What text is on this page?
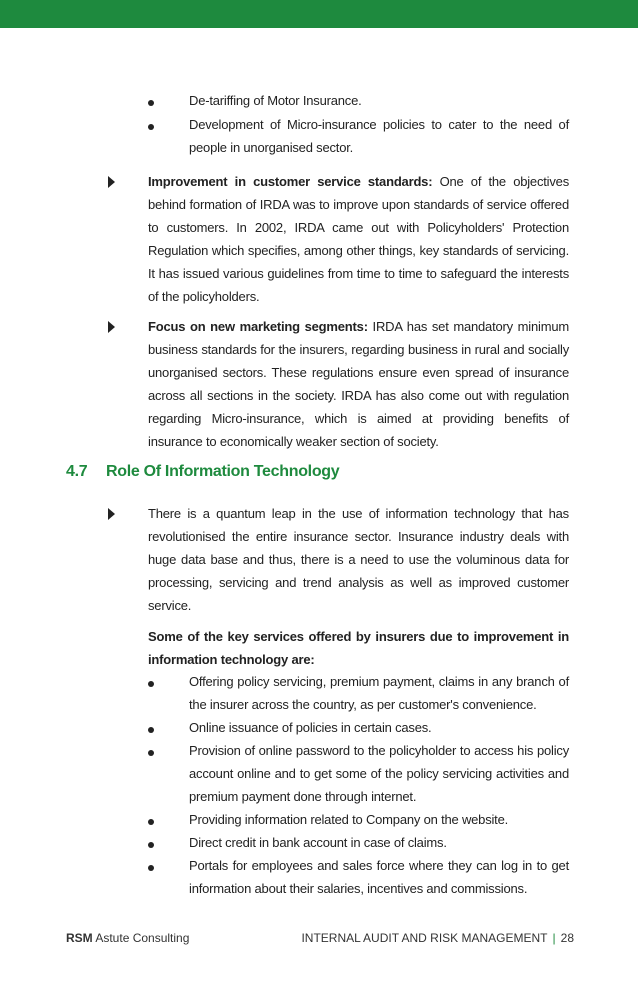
De-tariffing of Motor Insurance.

Development of Micro-insurance policies to cater to the need of people in unorganised sector.

Improvement in customer service standards: One of the objectives behind formation of IRDA was to improve upon standards of service offered to customers. In 2002, IRDA came out with Policyholders' Protection Regulation which specifies, among other things, key standards of servicing. It has issued various guidelines from time to time to safeguard the interests of the policyholders.

Focus on new marketing segments: IRDA has set mandatory minimum business standards for the insurers, regarding business in rural and socially unorganised sectors. These regulations ensure even spread of insurance across all sections in the society. IRDA has also come out with regulation regarding Micro-insurance, which is aimed at providing benefits of insurance to economically weaker section of society.

4.7 Role Of Information Technology

There is a quantum leap in the use of information technology that has revolutionised the entire insurance sector. Insurance industry deals with huge data base and thus, there is a need to use the voluminous data for processing, servicing and trend analysis as well as improved customer service.

Some of the key services offered by insurers due to improvement in information technology are:

Offering policy servicing, premium payment, claims in any branch of the insurer across the country, as per customer's convenience.

Online issuance of policies in certain cases.

Provision of online password to the policyholder to access his policy account online and to get some of the policy servicing activities and premium payment done through internet.

Providing information related to Company on the website.

Direct credit in bank account in case of claims.

Portals for employees and sales force where they can log in to get information about their salaries, incentives and commissions.

RSM Astute Consulting	INTERNAL AUDIT AND RISK MANAGEMENT | 28
